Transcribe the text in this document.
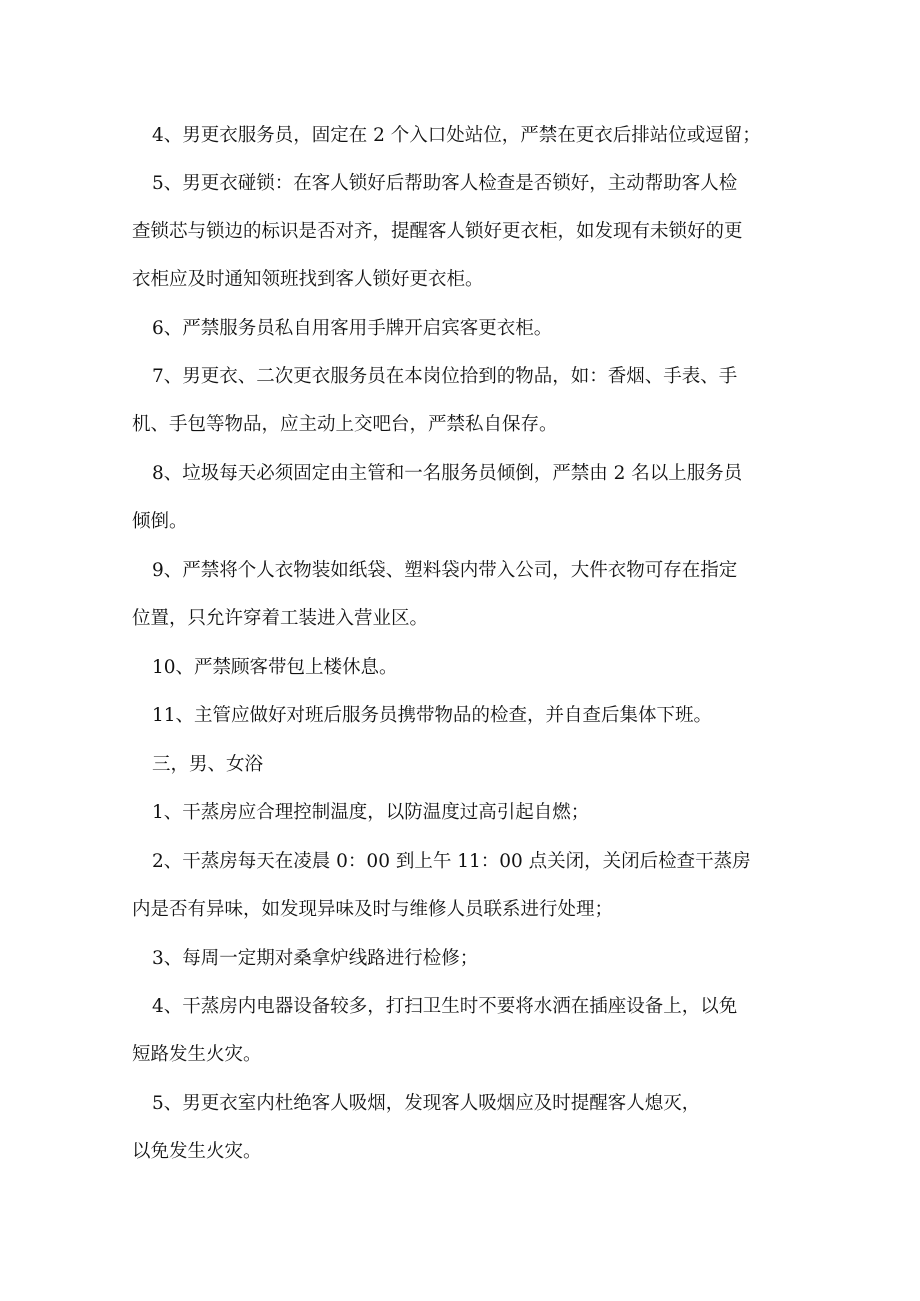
4、男更衣服务员，固定在 2 个入口处站位，严禁在更衣后排站位或逗留；
5、男更衣碰锁：在客人锁好后帮助客人检查是否锁好，主动帮助客人检
查锁芯与锁边的标识是否对齐，提醒客人锁好更衣柜，如发现有未锁好的更
衣柜应及时通知领班找到客人锁好更衣柜。
6、严禁服务员私自用客用手牌开启宾客更衣柜。
7、男更衣、二次更衣服务员在本岗位拾到的物品，如：香烟、手表、手
机、手包等物品，应主动上交吧台，严禁私自保存。
8、垃圾每天必须固定由主管和一名服务员倾倒，严禁由 2 名以上服务员
倾倒。
9、严禁将个人衣物装如纸袋、塑料袋内带入公司，大件衣物可存在指定
位置，只允许穿着工装进入营业区。
10、严禁顾客带包上楼休息。
11、主管应做好对班后服务员携带物品的检查，并自查后集体下班。
三，男、女浴
1、干蒸房应合理控制温度，以防温度过高引起自燃；
2、干蒸房每天在凌晨 0：00 到上午 11：00 点关闭，关闭后检查干蒸房
内是否有异味，如发现异味及时与维修人员联系进行处理；
3、每周一定期对桑拿炉线路进行检修；
4、干蒸房内电器设备较多，打扫卫生时不要将水洒在插座设备上，以免
短路发生火灾。
5、男更衣室内杜绝客人吸烟，发现客人吸烟应及时提醒客人熄灭，
以免发生火灾。
